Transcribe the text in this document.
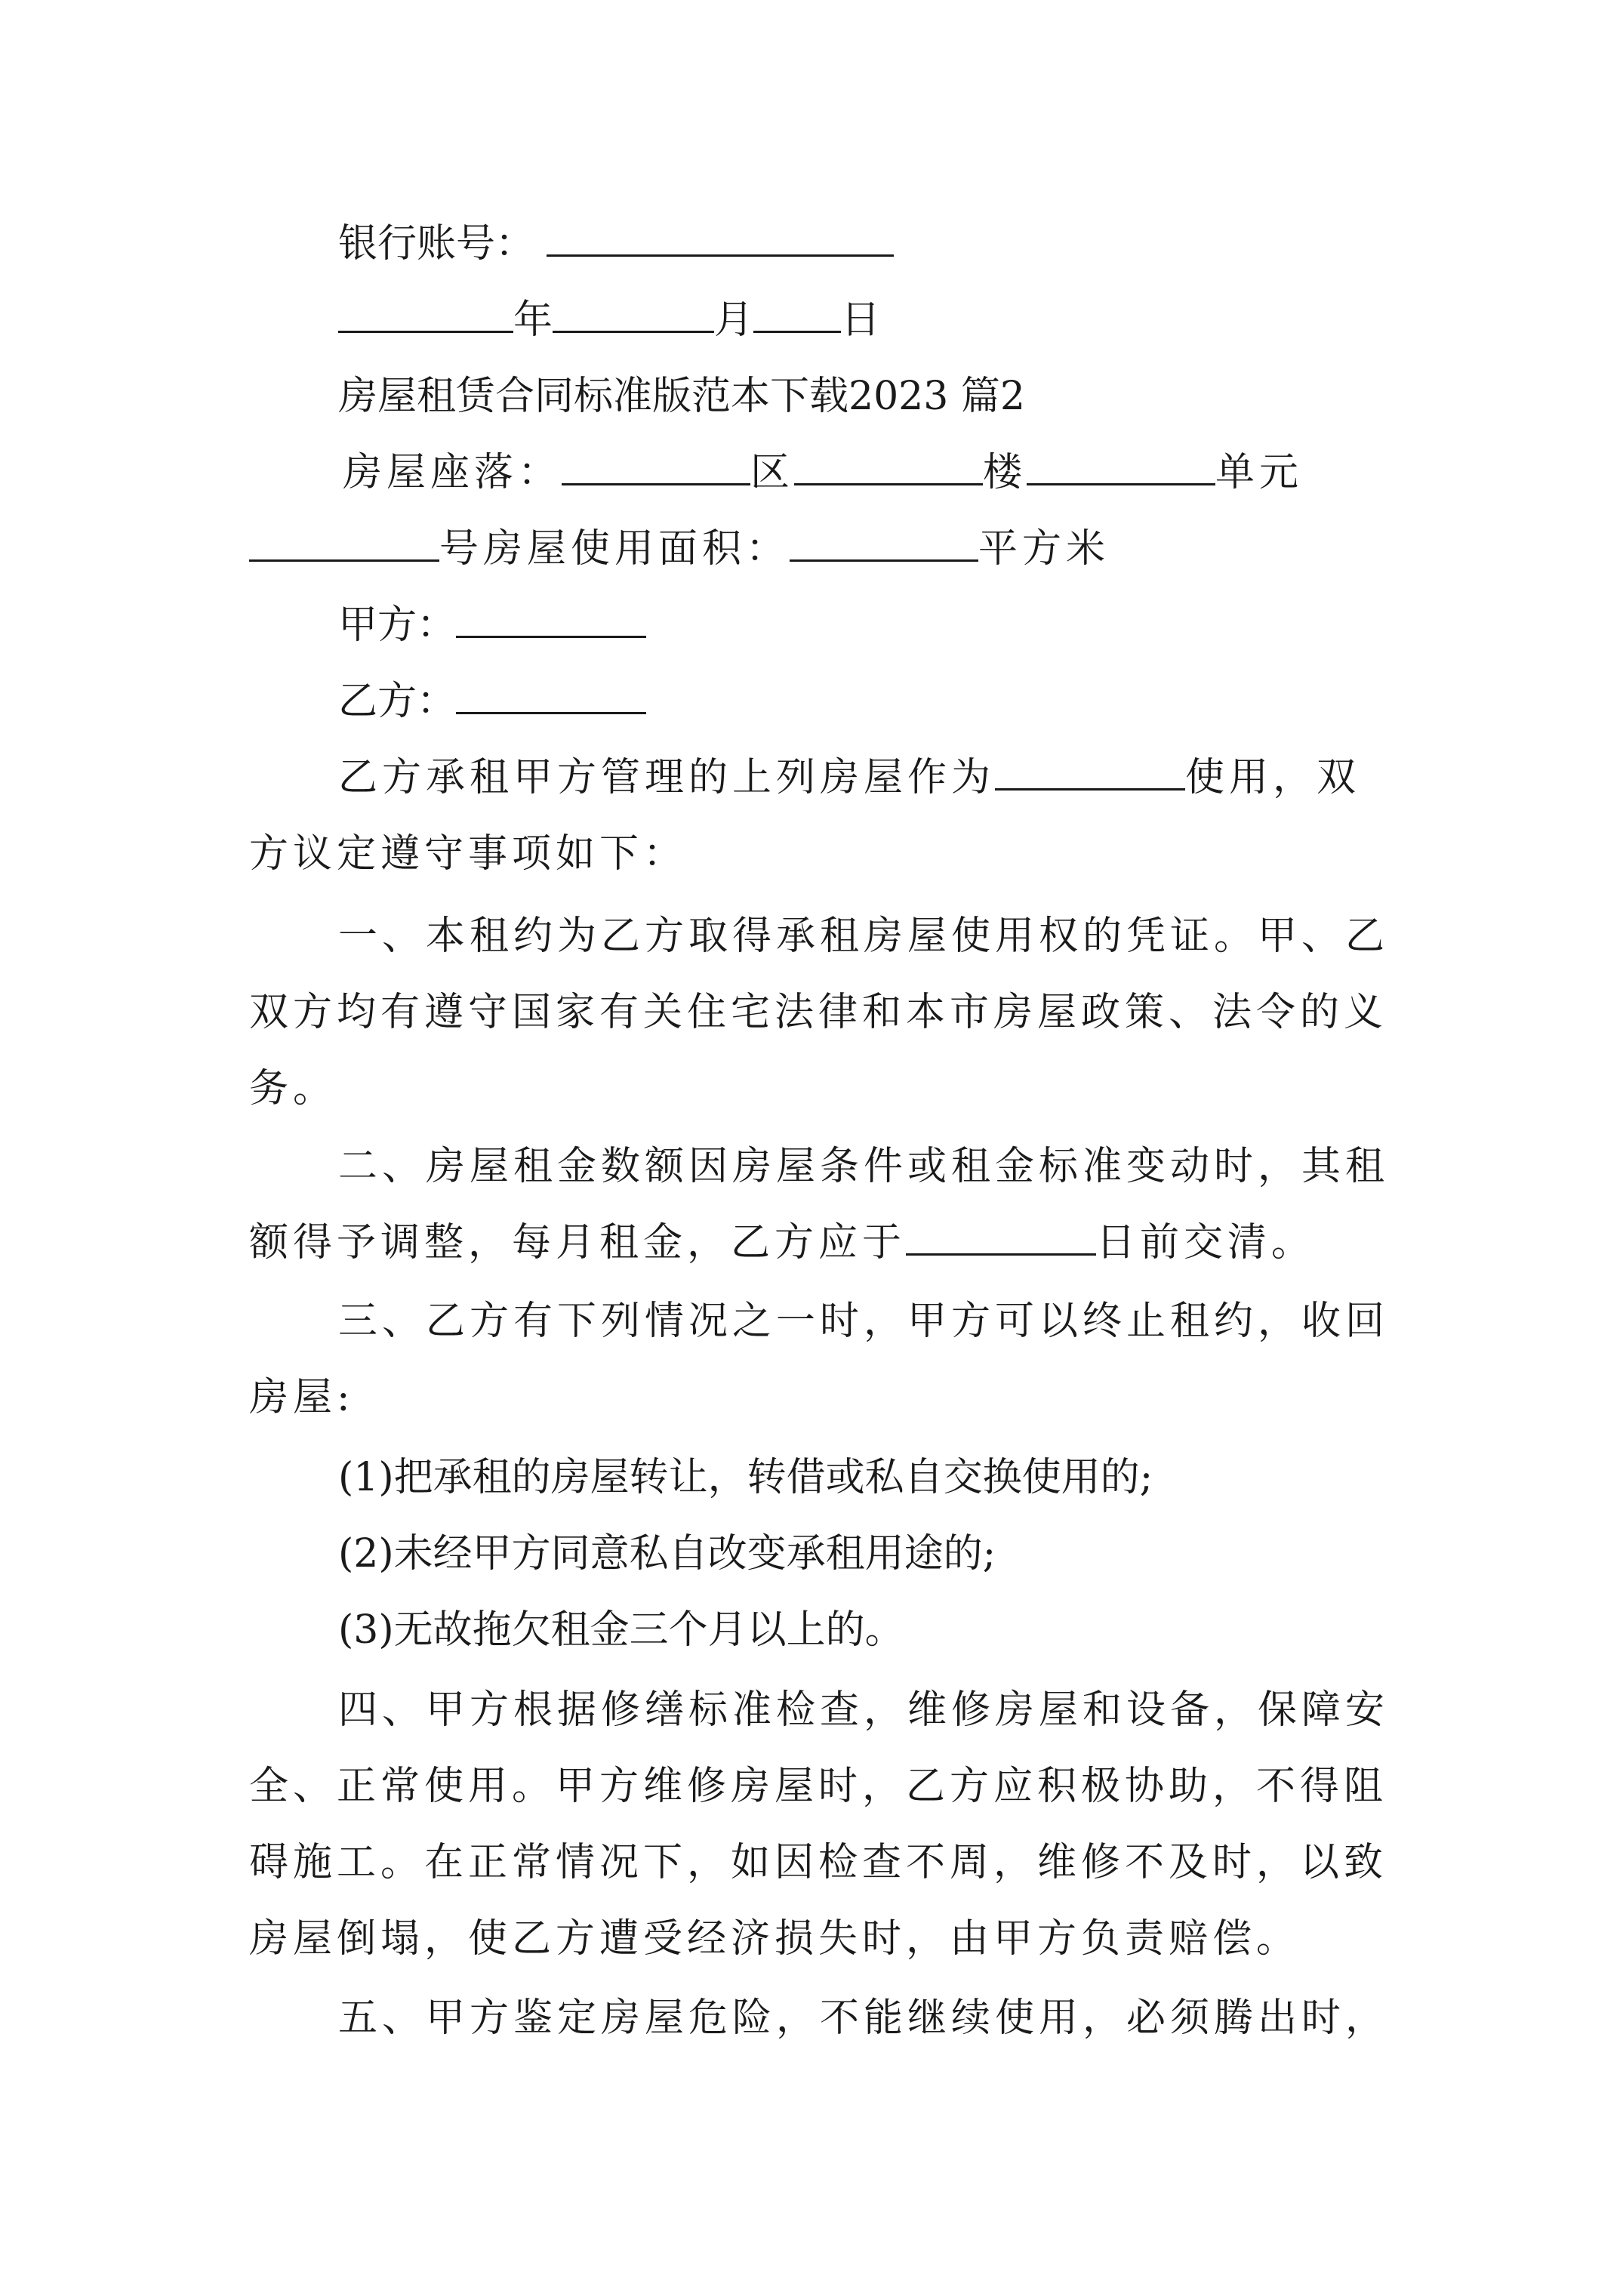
银行账号：
年	月 日
房屋租赁合同标准版范本下载2023 篇2
房屋座落：	区	楼	单元
号房屋使用面积：	平方米
甲方：
乙方：
乙方承租甲方管理的上列房屋作为	使用，双
方议定遵守事项如下：
一、本租约为乙方取得承租房屋使用权的凭证。甲、乙
双方均有遵守国家有关住宅法律和本市房屋政策、法令的义
务。
二、房屋租金数额因房屋条件或租金标准变动时，其租
额得予调整，每月租金，乙方应于	日前交清。
三、乙方有下列情况之一时，甲方可以终止租约，收回
房屋:
(1)把承租的房屋转让，转借或私自交换使用的;
(2)未经甲方同意私自改变承租用途的;
(3)无故拖欠租金三个月以上的。
四、甲方根据修缮标准检查，维修房屋和设备，保障安
全、正常使用。甲方维修房屋时，乙方应积极协助，不得阻
碍施工。在正常情况下，如因检查不周，维修不及时，以致
房屋倒塌，使乙方遭受经济损失时，由甲方负责赔偿。
五、甲方鉴定房屋危险，不能继续使用，必须腾出时，
